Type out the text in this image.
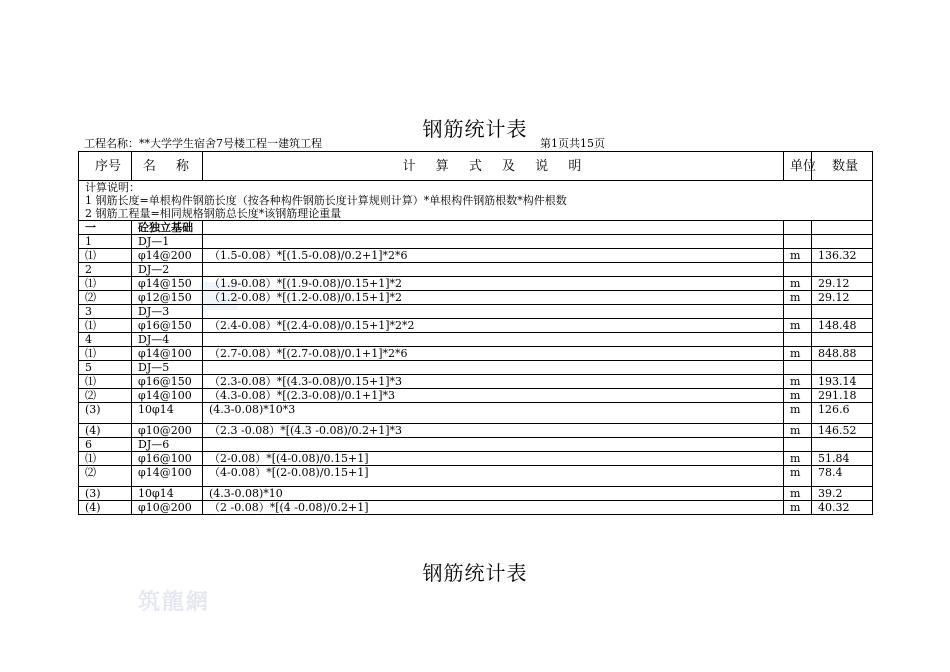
钢筋统计表
工程名称：**大学学生宿舍7号楼工程一建筑工程	第1页共15页
序号	名 称	计 算 式 及 说 明	单位	数量

计算说明：
1 钢筋长度=单根构件钢筋长度（按各种构件钢筋长度计算规则计算）*单根构件钢筋根数*构件根数
2 钢筋工程量=相同规格钢筋总长度*该钢筋理论重量				

一	砼独立基础			
1	DJ—1			
⑴	φ14@200	（1.5-0.08）*[(1.5-0.08)/0.2+1]*2*6	m	136.32
2	DJ—2			
⑴	φ14@150	（1.9-0.08）*[(1.9-0.08)/0.15+1]*2	m	29.12
⑵	φ12@150	（1.2-0.08）*[(1.2-0.08)/0.15+1]*2	m	29.12
3	DJ—3			
⑴	φ16@150	（2.4-0.08）*[(2.4-0.08)/0.15+1]*2*2	m	148.48
4	DJ—4			
⑴	φ14@100	（2.7-0.08）*[(2.7-0.08)/0.1+1]*2*6	m	848.88
5	DJ—5			
⑴	φ16@150	（2.3-0.08）*[(4.3-0.08)/0.15+1]*3	m	193.14
⑵	φ14@100	（4.3-0.08）*[(2.3-0.08)/0.1+1]*3	m	291.18
(3)	10φ14	(4.3-0.08)*10*3	m	126.6
(4)	φ10@200	（2.3 -0.08）*[(4.3 -0.08)/0.2+1]*3	m	146.52
6	DJ—6			
⑴	φ16@100	（2-0.08）*[(4-0.08)/0.15+1]	m	51.84
⑵	φ14@100	（4-0.08）*[(2-0.08)/0.15+1]	m	78.4
(3)	10φ14	(4.3-0.08)*10	m	39.2
(4)	φ10@200	（2 -0.08）*[(4 -0.08)/0.2+1]	m	40.32
钢筋统计表
筑龍網
